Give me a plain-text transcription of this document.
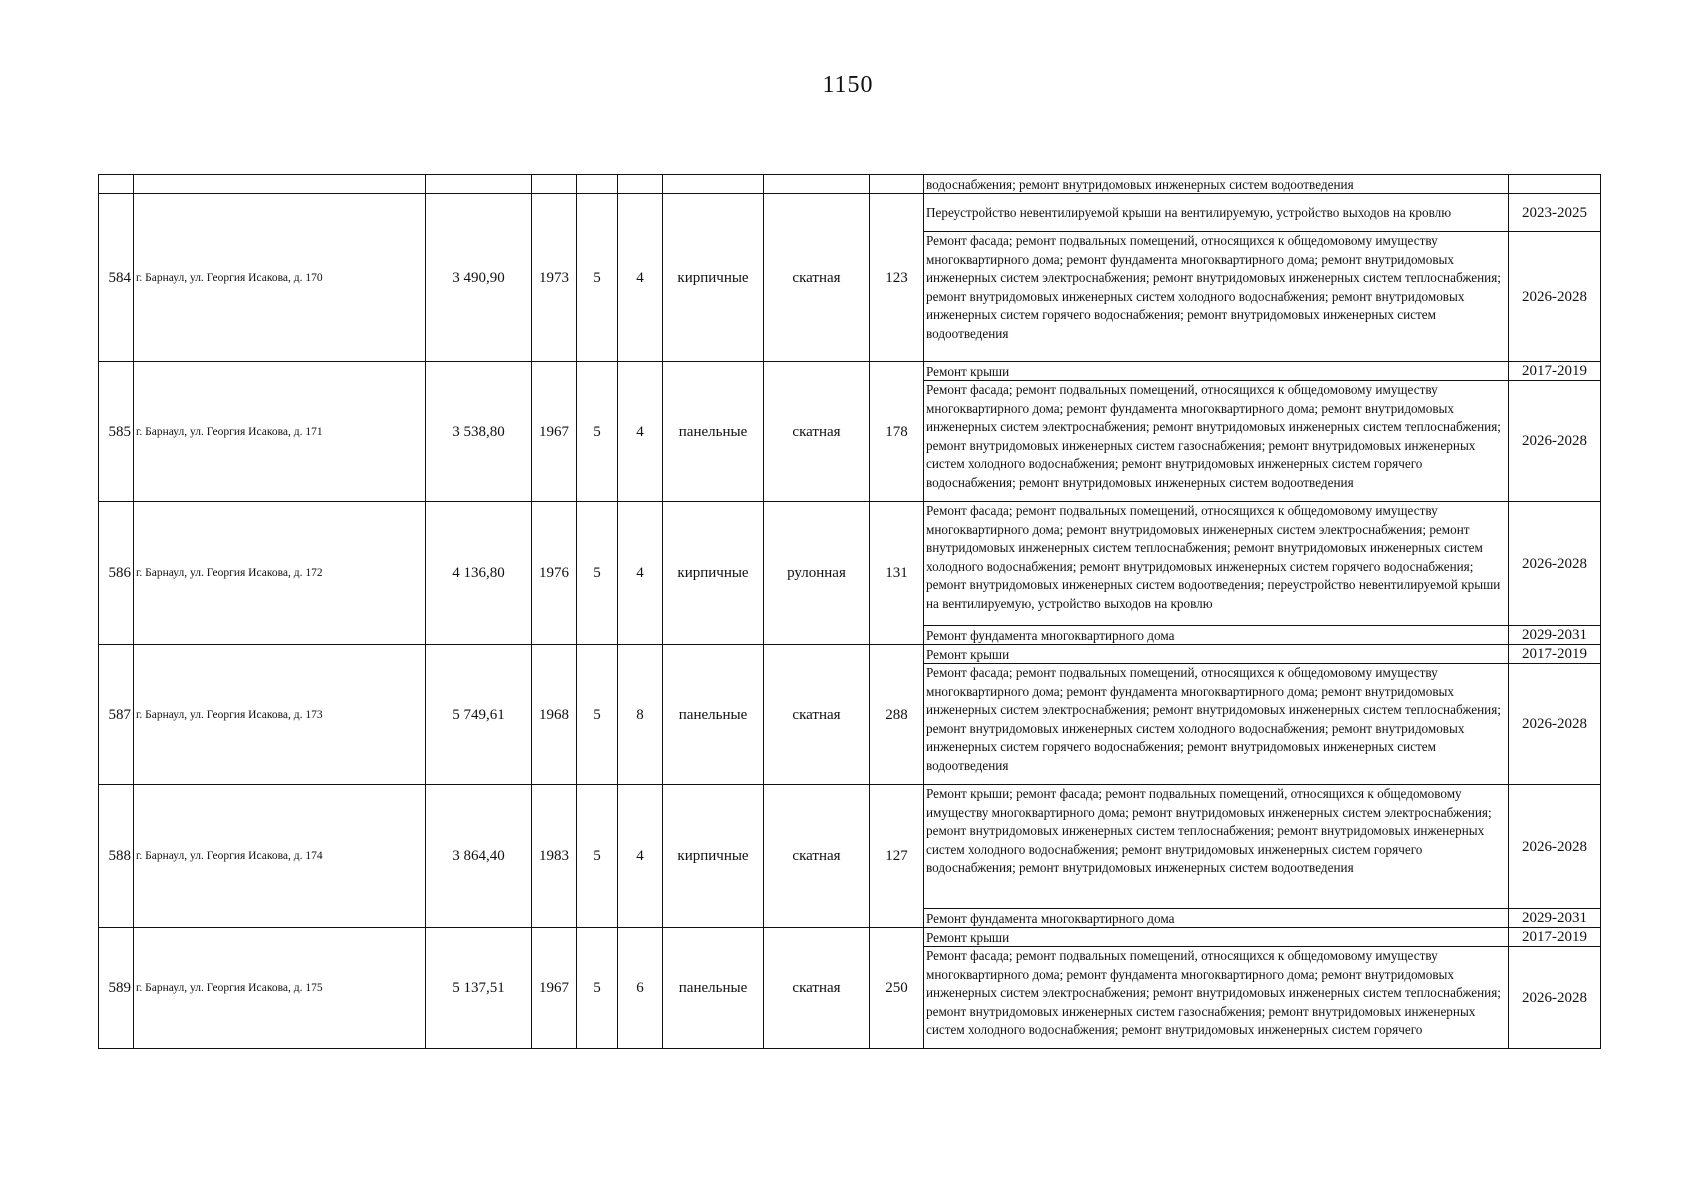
1150
									водоснабжения; ремонт внутридомовых инженерных систем водоотведения	
584	г. Барнаул, ул. Георгия Исакова, д. 170	3 490,90	1973	5	4	кирпичные	скатная	123	Переустройство невентилируемой крыши на вентилируемую, устройство выходов на кровлю	2023-2025
									Ремонт фасада; ремонт подвальных помещений, относящихся к общедомовому имуществу многоквартирного дома; ремонт фундамента многоквартирного дома; ремонт внутридомовых инженерных систем электроснабжения; ремонт внутридомовых инженерных систем теплоснабжения; ремонт внутридомовых инженерных систем холодного водоснабжения; ремонт внутридомовых инженерных систем горячего водоснабжения; ремонт внутридомовых инженерных систем водоотведения	2026-2028
585	г. Барнаул, ул. Георгия Исакова, д. 171	3 538,80	1967	5	4	панельные	скатная	178	Ремонт крыши	2017-2019
									Ремонт фасада; ремонт подвальных помещений, относящихся к общедомовому имуществу многоквартирного дома; ремонт фундамента многоквартирного дома; ремонт внутридомовых инженерных систем электроснабжения; ремонт внутридомовых инженерных систем теплоснабжения; ремонт внутридомовых инженерных систем газоснабжения; ремонт внутридомовых инженерных систем холодного водоснабжения; ремонт внутридомовых инженерных систем горячего водоснабжения; ремонт внутридомовых инженерных систем водоотведения	2026-2028
586	г. Барнаул, ул. Георгия Исакова, д. 172	4 136,80	1976	5	4	кирпичные	рулонная	131	Ремонт фасада; ремонт подвальных помещений, относящихся к общедомовому имуществу многоквартирного дома; ремонт внутридомовых инженерных систем электроснабжения; ремонт внутридомовых инженерных систем теплоснабжения; ремонт внутридомовых инженерных систем холодного водоснабжения; ремонт внутридомовых инженерных систем горячего водоснабжения; ремонт внутридомовых инженерных систем водоотведения; переустройство невентилируемой крыши на вентилируемую, устройство выходов на кровлю	2026-2028
									Ремонт фундамента многоквартирного дома	2029-2031
587	г. Барнаул, ул. Георгия Исакова, д. 173	5 749,61	1968	5	8	панельные	скатная	288	Ремонт крыши	2017-2019
									Ремонт фасада; ремонт подвальных помещений, относящихся к общедомовому имуществу многоквартирного дома; ремонт фундамента многоквартирного дома; ремонт внутридомовых инженерных систем электроснабжения; ремонт внутридомовых инженерных систем теплоснабжения; ремонт внутридомовых инженерных систем холодного водоснабжения; ремонт внутридомовых инженерных систем горячего водоснабжения; ремонт внутридомовых инженерных систем водоотведения	2026-2028
588	г. Барнаул, ул. Георгия Исакова, д. 174	3 864,40	1983	5	4	кирпичные	скатная	127	Ремонт крыши; ремонт фасада; ремонт подвальных помещений, относящихся к общедомовому имуществу многоквартирного дома; ремонт внутридомовых инженерных систем электроснабжения; ремонт внутридомовых инженерных систем теплоснабжения; ремонт внутридомовых инженерных систем холодного водоснабжения; ремонт внутридомовых инженерных систем горячего водоснабжения; ремонт внутридомовых инженерных систем водоотведения	2026-2028
									Ремонт фундамента многоквартирного дома	2029-2031
589	г. Барнаул, ул. Георгия Исакова, д. 175	5 137,51	1967	5	6	панельные	скатная	250	Ремонт крыши	2017-2019
									Ремонт фасада; ремонт подвальных помещений, относящихся к общедомовому имуществу многоквартирного дома; ремонт фундамента многоквартирного дома; ремонт внутридомовых инженерных систем электроснабжения; ремонт внутридомовых инженерных систем теплоснабжения; ремонт внутридомовых инженерных систем газоснабжения; ремонт внутридомовых инженерных систем холодного водоснабжения; ремонт внутридомовых инженерных систем горячего	2026-2028
